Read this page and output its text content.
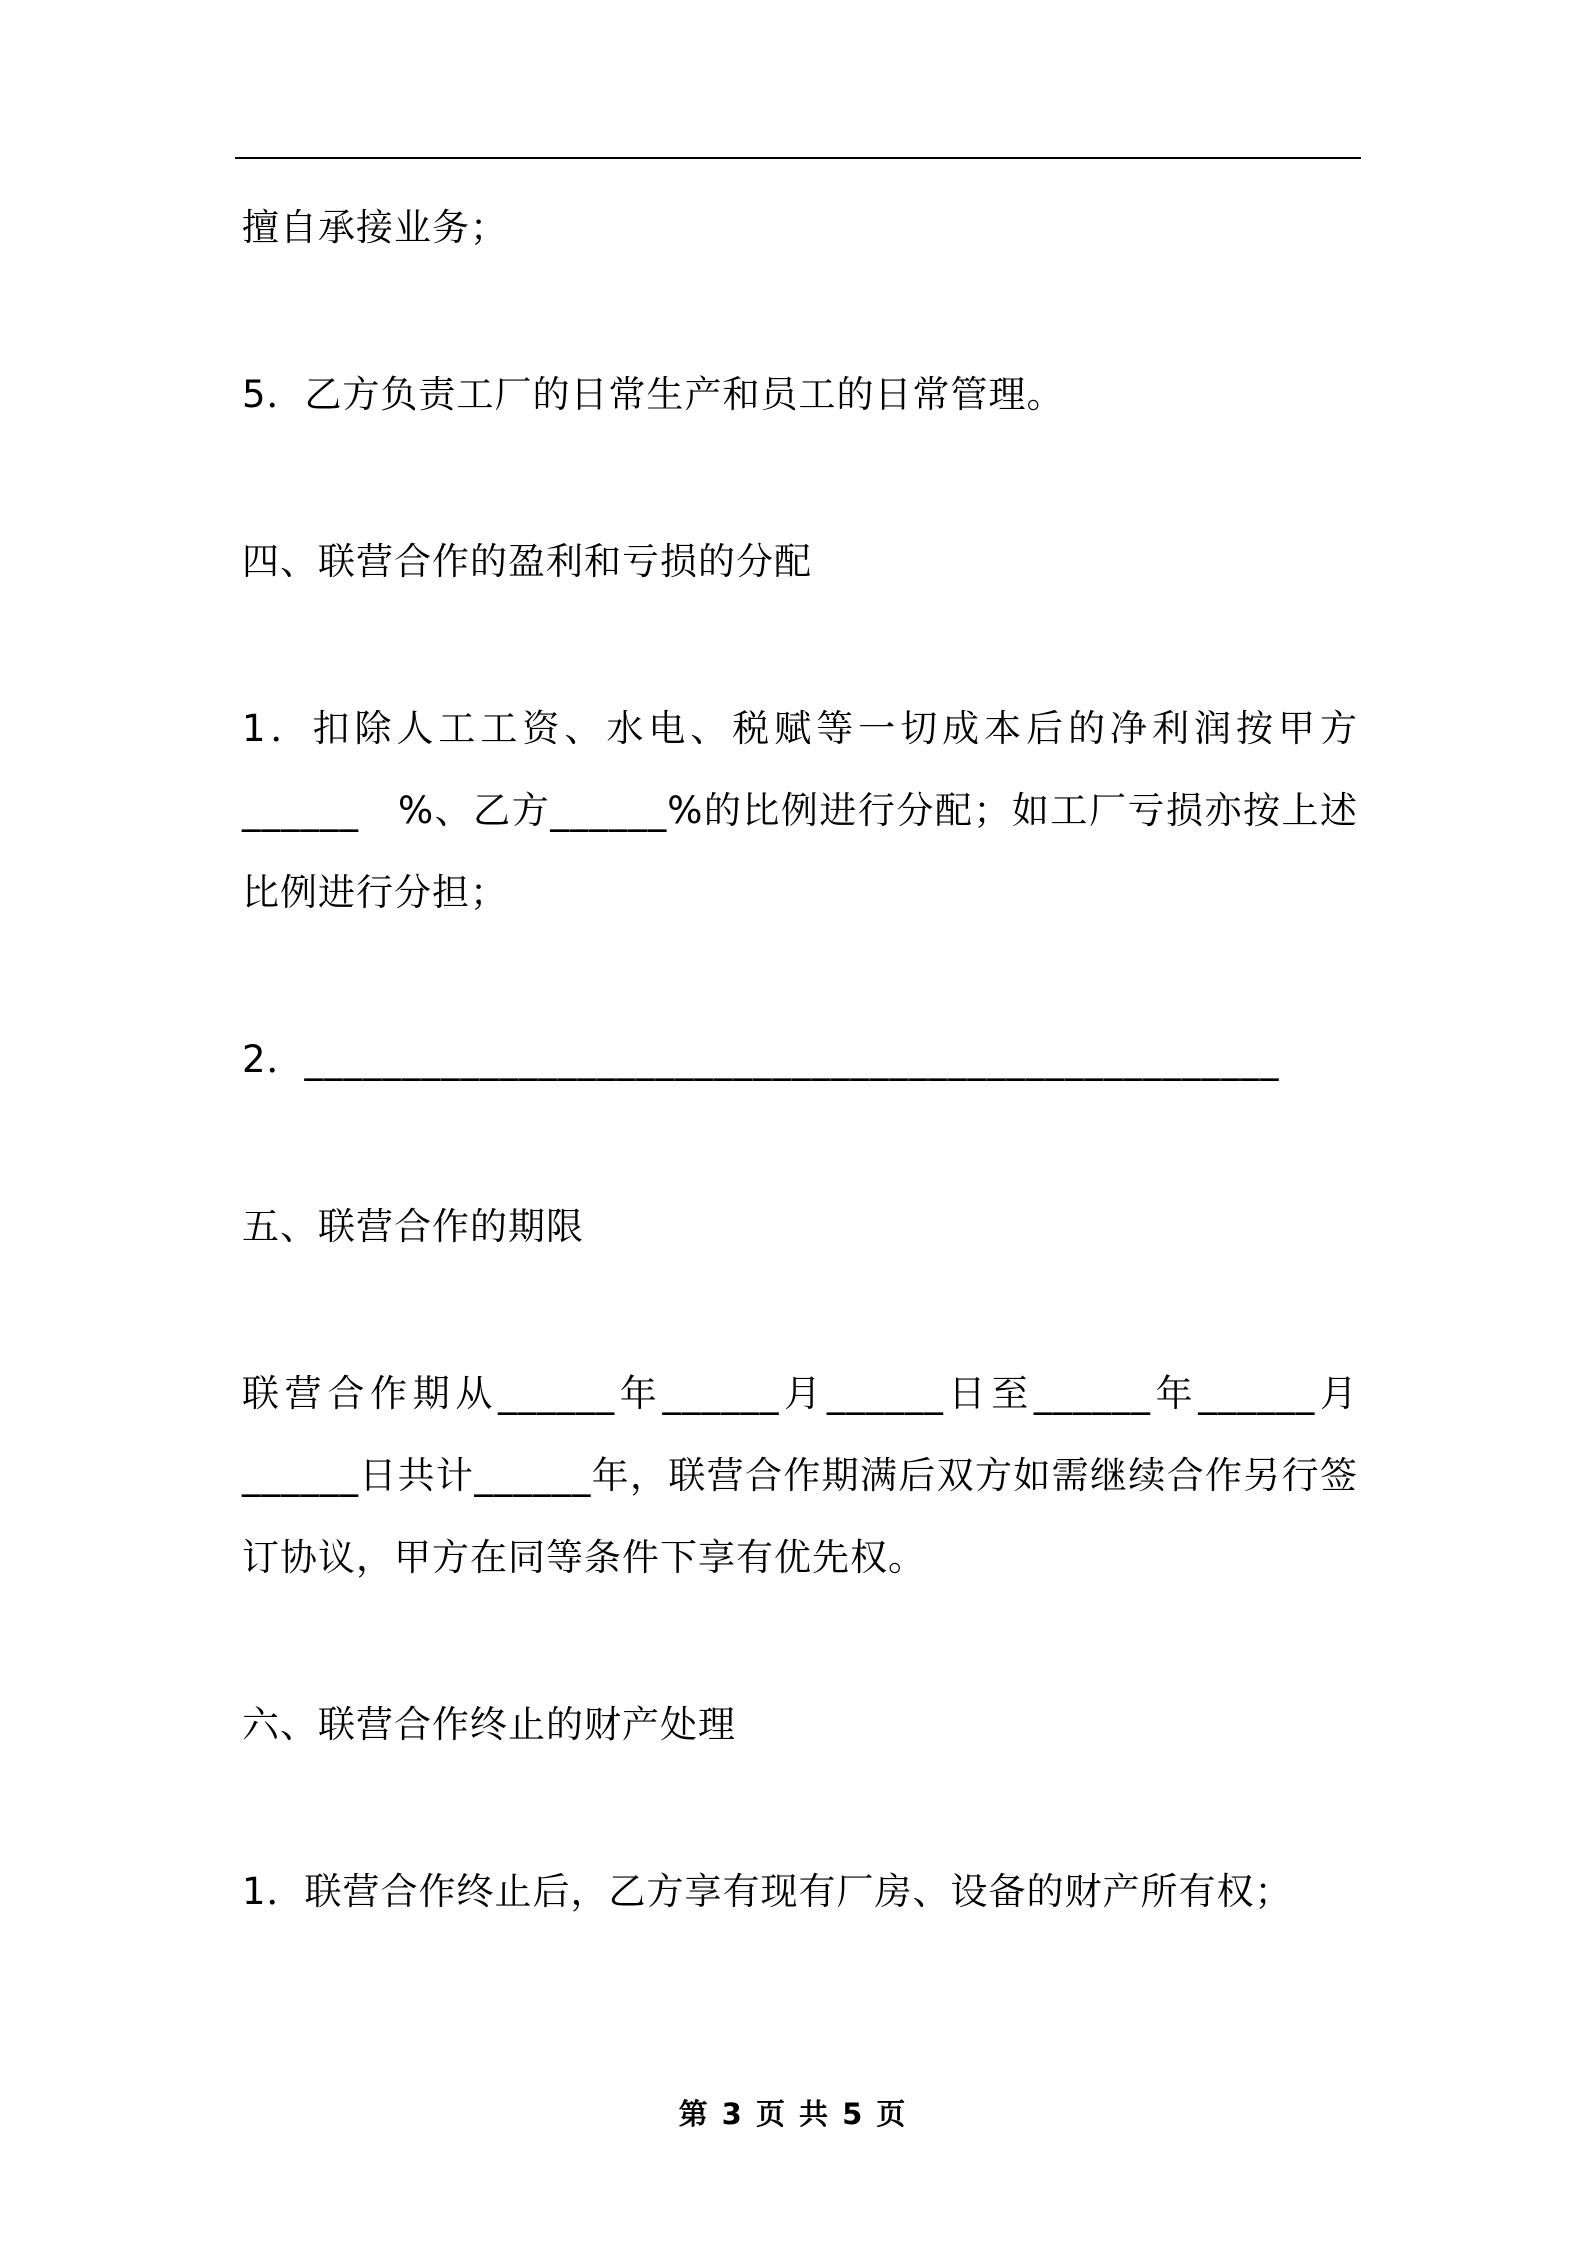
擅自承接业务；
5．乙方负责工厂的日常生产和员工的日常管理。
四、联营合作的盈利和亏损的分配
1．扣除人工工资、水电、税赋等一切成本后的净利润按甲方
______　%、乙方______%的比例进行分配；如工厂亏损亦按上述
比例进行分担；
2．__________________________________________________
五、联营合作的期限
联营合作期从______年______月______日至______年______月
______日共计______年，联营合作期满后双方如需继续合作另行签
订协议，甲方在同等条件下享有优先权。
六、联营合作终止的财产处理
1．联营合作终止后，乙方享有现有厂房、设备的财产所有权；
第 3 页 共 5 页
